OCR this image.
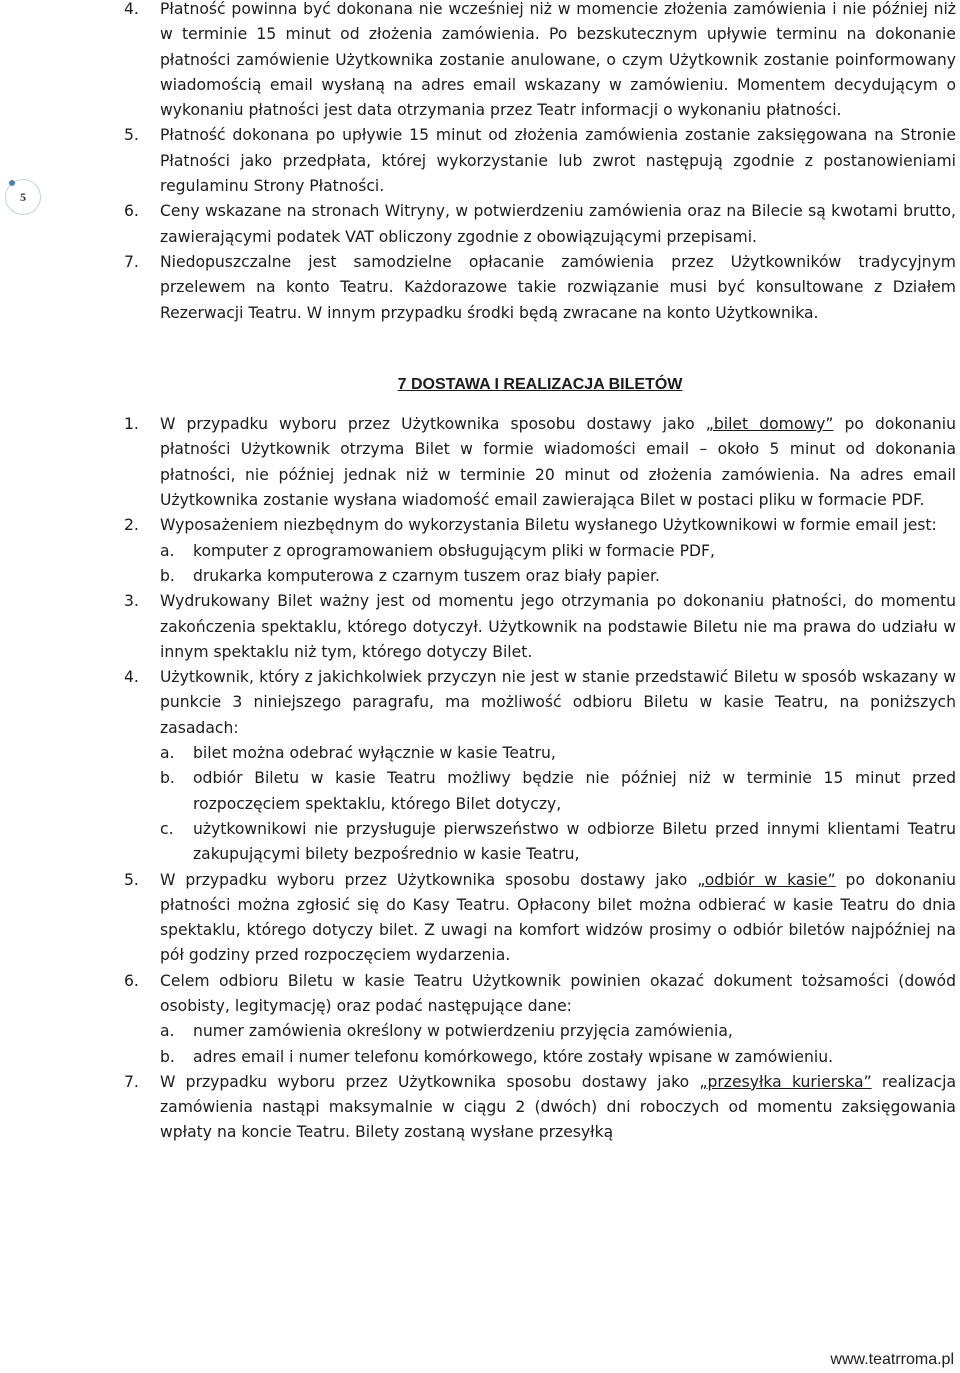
5
4. Płatność powinna być dokonana nie wcześniej niż w momencie złożenia zamówienia i nie później niż w terminie 15 minut od złożenia zamówienia. Po bezskutecznym upływie terminu na dokonanie płatności zamówienie Użytkownika zostanie anulowane, o czym Użytkownik zostanie poinformowany wiadomością email wysłaną na adres email wskazany w zamówieniu. Momentem decydującym o wykonaniu płatności jest data otrzymania przez Teatr informacji o wykonaniu płatności.
5. Płatność dokonana po upływie 15 minut od złożenia zamówienia zostanie zaksięgowana na Stronie Płatności jako przedpłata, której wykorzystanie lub zwrot następują zgodnie z postanowieniami regulaminu Strony Płatności.
6. Ceny wskazane na stronach Witryny, w potwierdzeniu zamówienia oraz na Bilecie są kwotami brutto, zawierającymi podatek VAT obliczony zgodnie z obowiązującymi przepisami.
7. Niedopuszczalne jest samodzielne opłacanie zamówienia przez Użytkowników tradycyjnym przelewem na konto Teatru. Każdorazowe takie rozwiązanie musi być konsultowane z Działem Rezerwacji Teatru. W innym przypadku środki będą zwracane na konto Użytkownika.
7 DOSTAWA I REALIZACJA BILETÓW
1. W przypadku wyboru przez Użytkownika sposobu dostawy jako „bilet domowy” po dokonaniu płatności Użytkownik otrzyma Bilet w formie wiadomości email – około 5 minut od dokonania płatności, nie później jednak niż w terminie 20 minut od złożenia zamówienia. Na adres email Użytkownika zostanie wysłana wiadomość email zawierająca Bilet w postaci pliku w formacie PDF.
2. Wyposażeniem niezbędnym do wykorzystania Biletu wysłanego Użytkownikowi w formie email jest:
a. komputer z oprogramowaniem obsługującym pliki w formacie PDF,
b. drukarka komputerowa z czarnym tuszem oraz biały papier.
3. Wydrukowany Bilet ważny jest od momentu jego otrzymania po dokonaniu płatności, do momentu zakończenia spektaklu, którego dotyczył. Użytkownik na podstawie Biletu nie ma prawa do udziału w innym spektaklu niż tym, którego dotyczy Bilet.
4. Użytkownik, który z jakichkolwiek przyczyn nie jest w stanie przedstawić Biletu w sposób wskazany w punkcie 3 niniejszego paragrafu, ma możliwość odbioru Biletu w kasie Teatru, na poniższych zasadach:
a. bilet można odebrać wyłącznie w kasie Teatru,
b. odbiór Biletu w kasie Teatru możliwy będzie nie później niż w terminie 15 minut przed rozpoczęciem spektaklu, którego Bilet dotyczy,
c. użytkownikowi nie przysługuje pierwszeństwo w odbiorze Biletu przed innymi klientami Teatru zakupującymi bilety bezpośrednio w kasie Teatru,
5. W przypadku wyboru przez Użytkownika sposobu dostawy jako „odbiór w kasie” po dokonaniu płatności można zgłosić się do Kasy Teatru. Opłacony bilet można odbierać w kasie Teatru do dnia spektaklu, którego dotyczy bilet. Z uwagi na komfort widzów prosimy o odbiór biletów najpóźniej na pół godziny przed rozpoczęciem wydarzenia.
6. Celem odbioru Biletu w kasie Teatru Użytkownik powinien okazać dokument tożsamości (dowód osobisty, legitymację) oraz podać następujące dane:
a. numer zamówienia określony w potwierdzeniu przyjęcia zamówienia,
b. adres email i numer telefonu komórkowego, które zostały wpisane w zamówieniu.
7. W przypadku wyboru przez Użytkownika sposobu dostawy jako „przesyłka kurierska” realizacja zamówienia nastąpi maksymalnie w ciągu 2 (dwóch) dni roboczych od momentu zaksięgowania wpłaty na koncie Teatru. Bilety zostaną wysłane przesyłką
www.teatrroma.pl
